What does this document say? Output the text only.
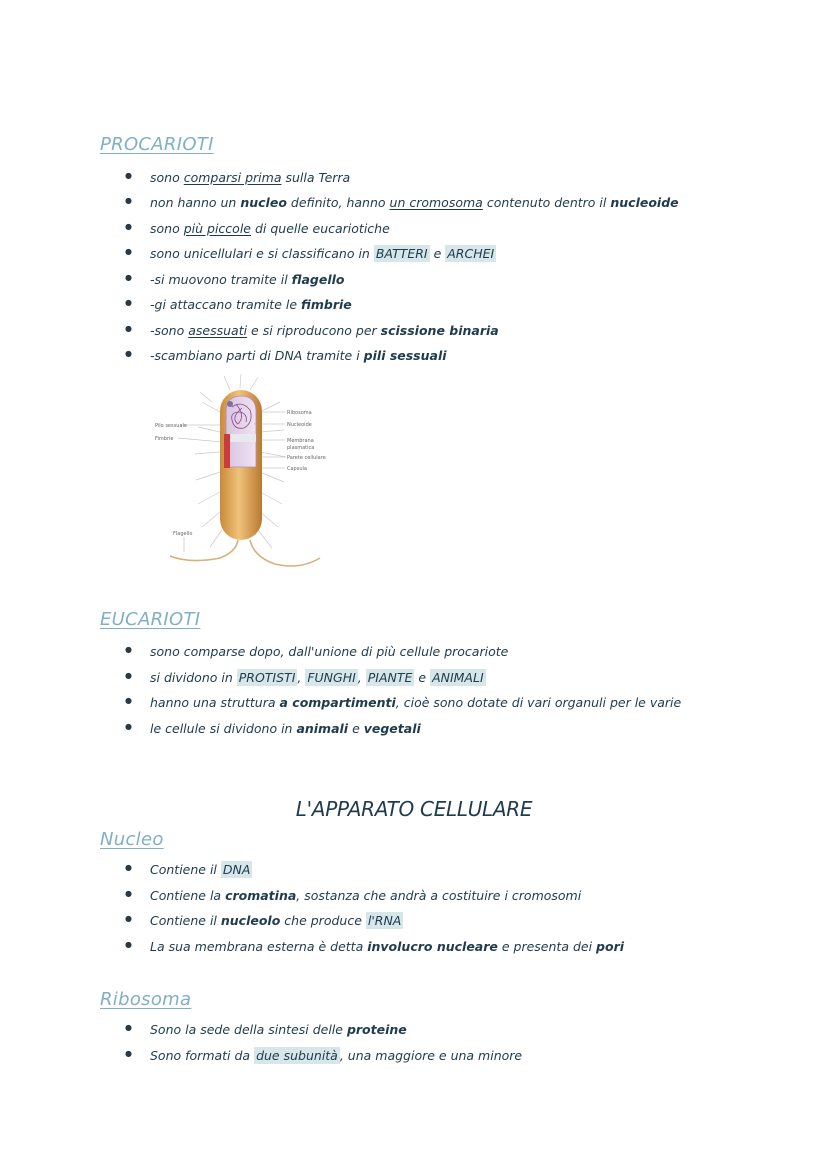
PROCARIOTI
● sono comparsi prima sulla Terra
● non hanno un nucleo definito, hanno un cromosoma contenuto dentro il nucleoide
● sono più piccole di quelle eucariotiche
● sono unicellulari e si classificano in BATTERI e ARCHEI
● -si muovono tramite il flagello
● -gi attaccano tramite le fimbrie
● -sono asessuati e si riproducono per scissione binaria
● -scambiano parti di DNA tramite i pili sessuali
Pilo sessuale
Fimbrie
Flagello
Ribosoma
Nucleoide
Membrana
plasmatica
Parete cellulare
Capsula
EUCARIOTI
● sono comparse dopo, dall'unione di più cellule procariote
● si dividono in PROTISTI , FUNGHI , PIANTE e ANIMALI
● hanno una struttura a compartimenti, cioè sono dotate di vari organuli per le varie
● le cellule si dividono in animali e vegetali
L'APPARATO CELLULARE
Nucleo
● Contiene il DNA
● Contiene la cromatina, sostanza che andrà a costituire i cromosomi
● Contiene il nucleolo che produce l'RNA
● La sua membrana esterna è detta involucro nucleare e presenta dei pori
Ribosoma
● Sono la sede della sintesi delle proteine
● Sono formati da due subunità , una maggiore e una minore
